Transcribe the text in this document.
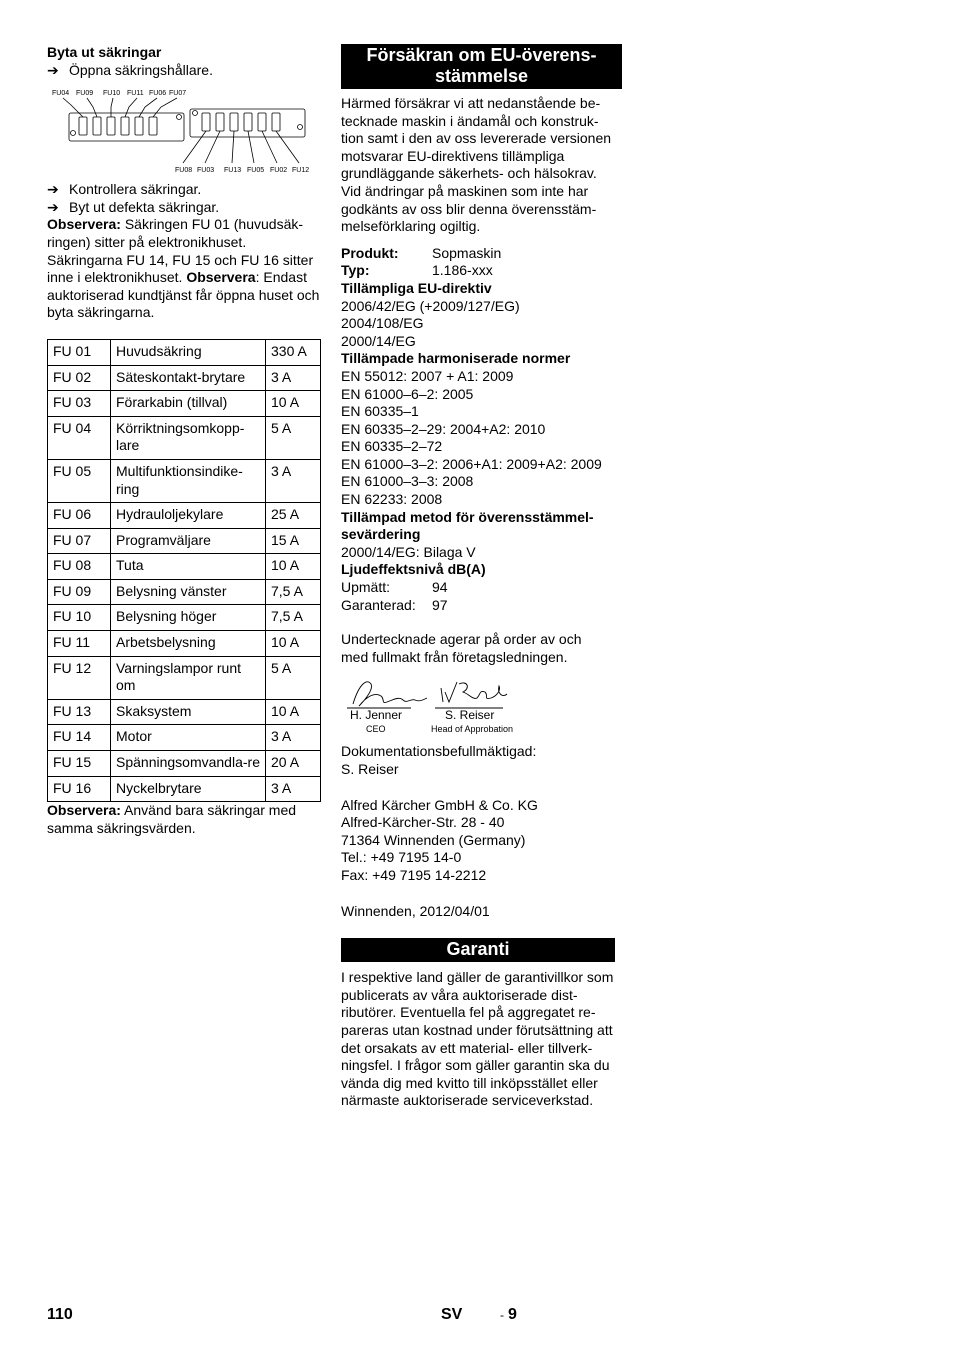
Byta ut säkringar

➔ Öppna säkringshållare.

FU04 FU09 FU10 FU11 FU06 FU07
FU08 FU03 FU13 FU05 FU02 FU12

➔ Kontrollera säkringar.

➔ Byt ut defekta säkringar.

Observera: Säkringen FU 01 (huvudsäk-ringen) sitter på elektronikhuset. Säkringarna FU 14, FU 15 och FU 16 sitter inne i elektronikhuset. Observera: Endast auktoriserad kundtjänst får öppna huset och byta säkringarna.

FU 01	Huvudsäkring	330 A
FU 02	Säteskontakt-brytare	3 A
FU 03	Förarkabin (tillval)	10 A
FU 04	Körriktningsomkopp-lare	5 A
FU 05	Multifunktionsindike-ring	3 A
FU 06	Hydrauloljekylare	25 A
FU 07	Programväljare	15 A
FU 08	Tuta	10 A
FU 09	Belysning vänster	7,5 A
FU 10	Belysning höger	7,5 A
FU 11	Arbetsbelysning	10 A
FU 12	Varningslampor runt om	5 A
FU 13	Skaksystem	10 A
FU 14	Motor	3 A
FU 15	Spänningsomvandla-re	20 A
FU 16	Nyckelbrytare	3 A

Observera: Använd bara säkringar med samma säkringsvärden.

Försäkran om EU-överens-
stämmelse

Härmed försäkrar vi att nedanstående be-tecknade maskin i ändamål och konstruk-tion samt i den av oss levererade versionen motsvarar EU-direktivens tillämpliga grundläggande säkerhets- och hälsokrav. Vid ändringar på maskinen som inte har godkänts av oss blir denna överensstäm-melseförklaring ogiltig.

Produkt:	Sopmaskin
Typ:	1.186-xxx

Tillämpliga EU-direktiv

2006/42/EG (+2009/127/EG)

2004/108/EG

2000/14/EG

Tillämpade harmoniserade normer

EN 55012: 2007 + A1: 2009

EN 61000–6–2: 2005

EN 60335–1

EN 60335–2–29: 2004+A2: 2010

EN 60335–2–72

EN 61000–3–2: 2006+A1: 2009+A2: 2009

EN 61000–3–3: 2008

EN 62233: 2008

Tillämpad metod för överensstämmel-sevärdering

2000/14/EG: Bilaga V

Ljudeffektsnivå dB(A)

Upmätt:	94
Garanterad:	97

Undertecknade agerar på order av och med fullmakt från företagsledningen.

H. Jenner
CEO
S. Reiser
Head of Approbation

Dokumentationsbefullmäktigad:

S. Reiser

Alfred Kärcher GmbH & Co. KG

Alfred-Kärcher-Str. 28 - 40

71364 Winnenden (Germany)

Tel.: +49 7195 14-0

Fax: +49 7195 14-2212

Winnenden, 2012/04/01

Garanti

I respektive land gäller de garantivillkor som publicerats av våra auktoriserade dist-ributörer. Eventuella fel på aggregatet re-pareras utan kostnad under förutsättning att det orsakats av ett material- eller tillverk-ningsfel. I frågor som gäller garantin ska du vända dig med kvitto till inköpsstället eller närmaste auktoriserade serviceverkstad.

110	SV	- 9
